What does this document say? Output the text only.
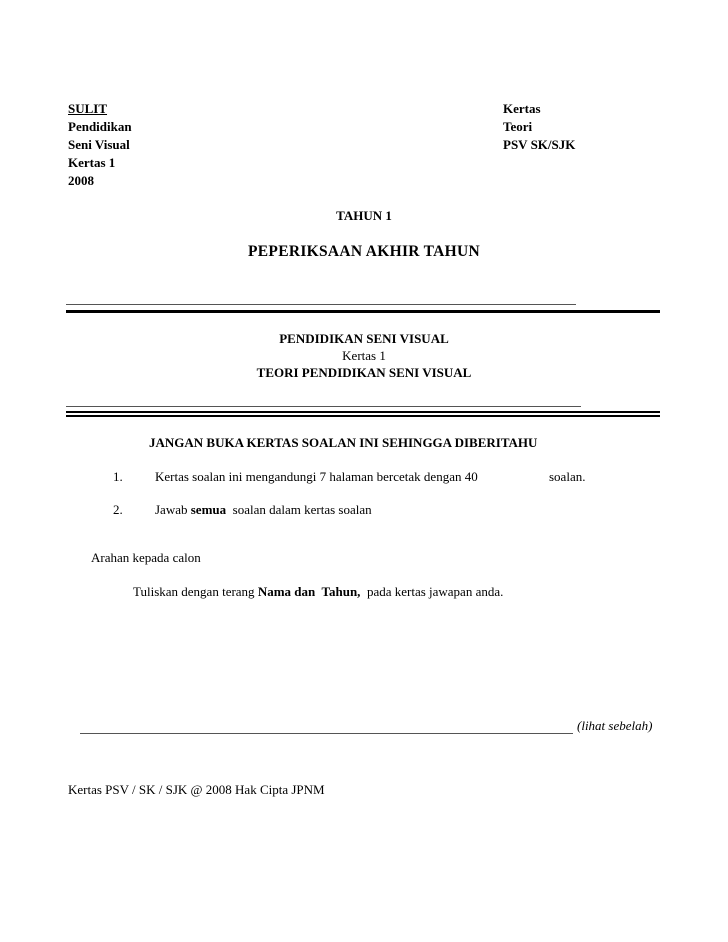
SULIT
Pendidikan
Seni Visual
Kertas 1
2008
Kertas
Teori
PSV SK/SJK
TAHUN 1
PEPERIKSAAN AKHIR TAHUN
PENDIDIKAN SENI VISUAL
Kertas 1
TEORI PENDIDIKAN SENI VISUAL
JANGAN BUKA KERTAS SOALAN INI SEHINGGA DIBERITAHU
1. Kertas soalan ini mengandungi 7 halaman bercetak dengan 40	soalan.
2. Jawab semua  soalan dalam kertas soalan
Arahan kepada calon
Tuliskan dengan terang Nama dan  Tahun,  pada kertas jawapan anda.
(lihat sebelah)
Kertas PSV / SK / SJK @ 2008 Hak Cipta JPNM
